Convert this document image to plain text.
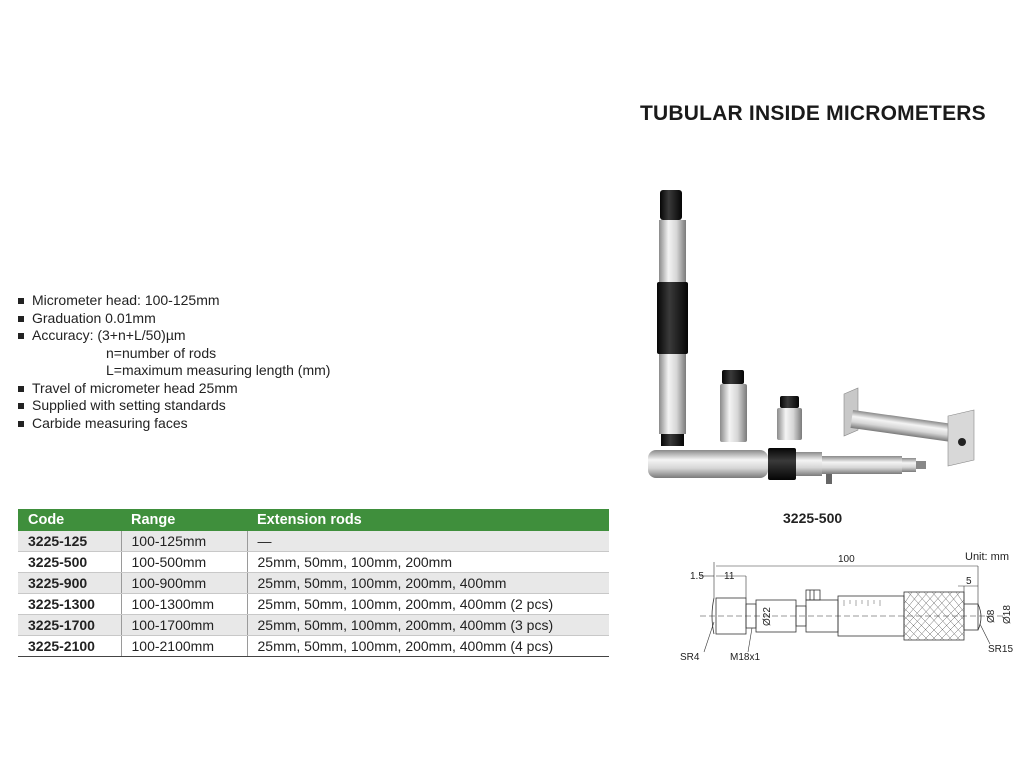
TUBULAR INSIDE MICROMETERS
Micrometer head: 100-125mm
Graduation 0.01mm
Accuracy: (3+n+L/50)µm
n=number of rods
L=maximum measuring length (mm)
Travel of micrometer head 25mm
Supplied with setting standards
Carbide measuring faces
Code	Range	Extension rods
3225-125	100-125mm	—
3225-500	100-500mm	25mm, 50mm, 100mm, 200mm
3225-900	100-900mm	25mm, 50mm, 100mm, 200mm, 400mm
3225-1300	100-1300mm	25mm, 50mm, 100mm, 200mm, 400mm (2 pcs)
3225-1700	100-1700mm	25mm, 50mm, 100mm, 200mm, 400mm (3 pcs)
3225-2100	100-2100mm	25mm, 50mm, 100mm, 200mm, 400mm (4 pcs)
3225-500
Unit: mm
100
1.5 11	5
Ø22	Ø8 Ø18
SR4	M18x1
SR15
